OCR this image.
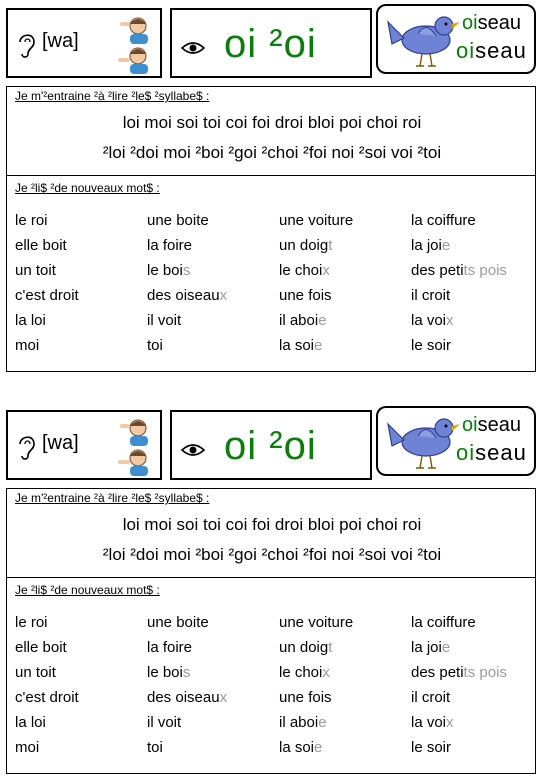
[wa]	oi ²oi	oiseau
oiseau
Je m'²entraine ²à ²lire ²le$ ²syllabe$ :
loi moi soi toi coi foi droi bloi poi choi roi
²loi ²doi moi ²boi ²goi ²choi ²foi noi ²soi voi ²toi
Je ²li$ ²de nouveaux mot$ :
le roi	une boite	une voiture	la coiffure
elle boit	la foire	un doigt	la joie
un toit	le bois	le choix	des petits pois
c'est droit	des oiseaux	une fois	il croit
la loi	il voit	il aboie	la voix
moi	toi	la soie	le soir
[wa]	oi ²oi	oiseau
oiseau
Je m'²entraine ²à ²lire ²le$ ²syllabe$ :
loi moi soi toi coi foi droi bloi poi choi roi
²loi ²doi moi ²boi ²goi ²choi ²foi noi ²soi voi ²toi
Je ²li$ ²de nouveaux mot$ :
le roi	une boite	une voiture	la coiffure
elle boit	la foire	un doigt	la joie
un toit	le bois	le choix	des petits pois
c'est droit	des oiseaux	une fois	il croit
la loi	il voit	il aboie	la voix
moi	toi	la soie	le soir
